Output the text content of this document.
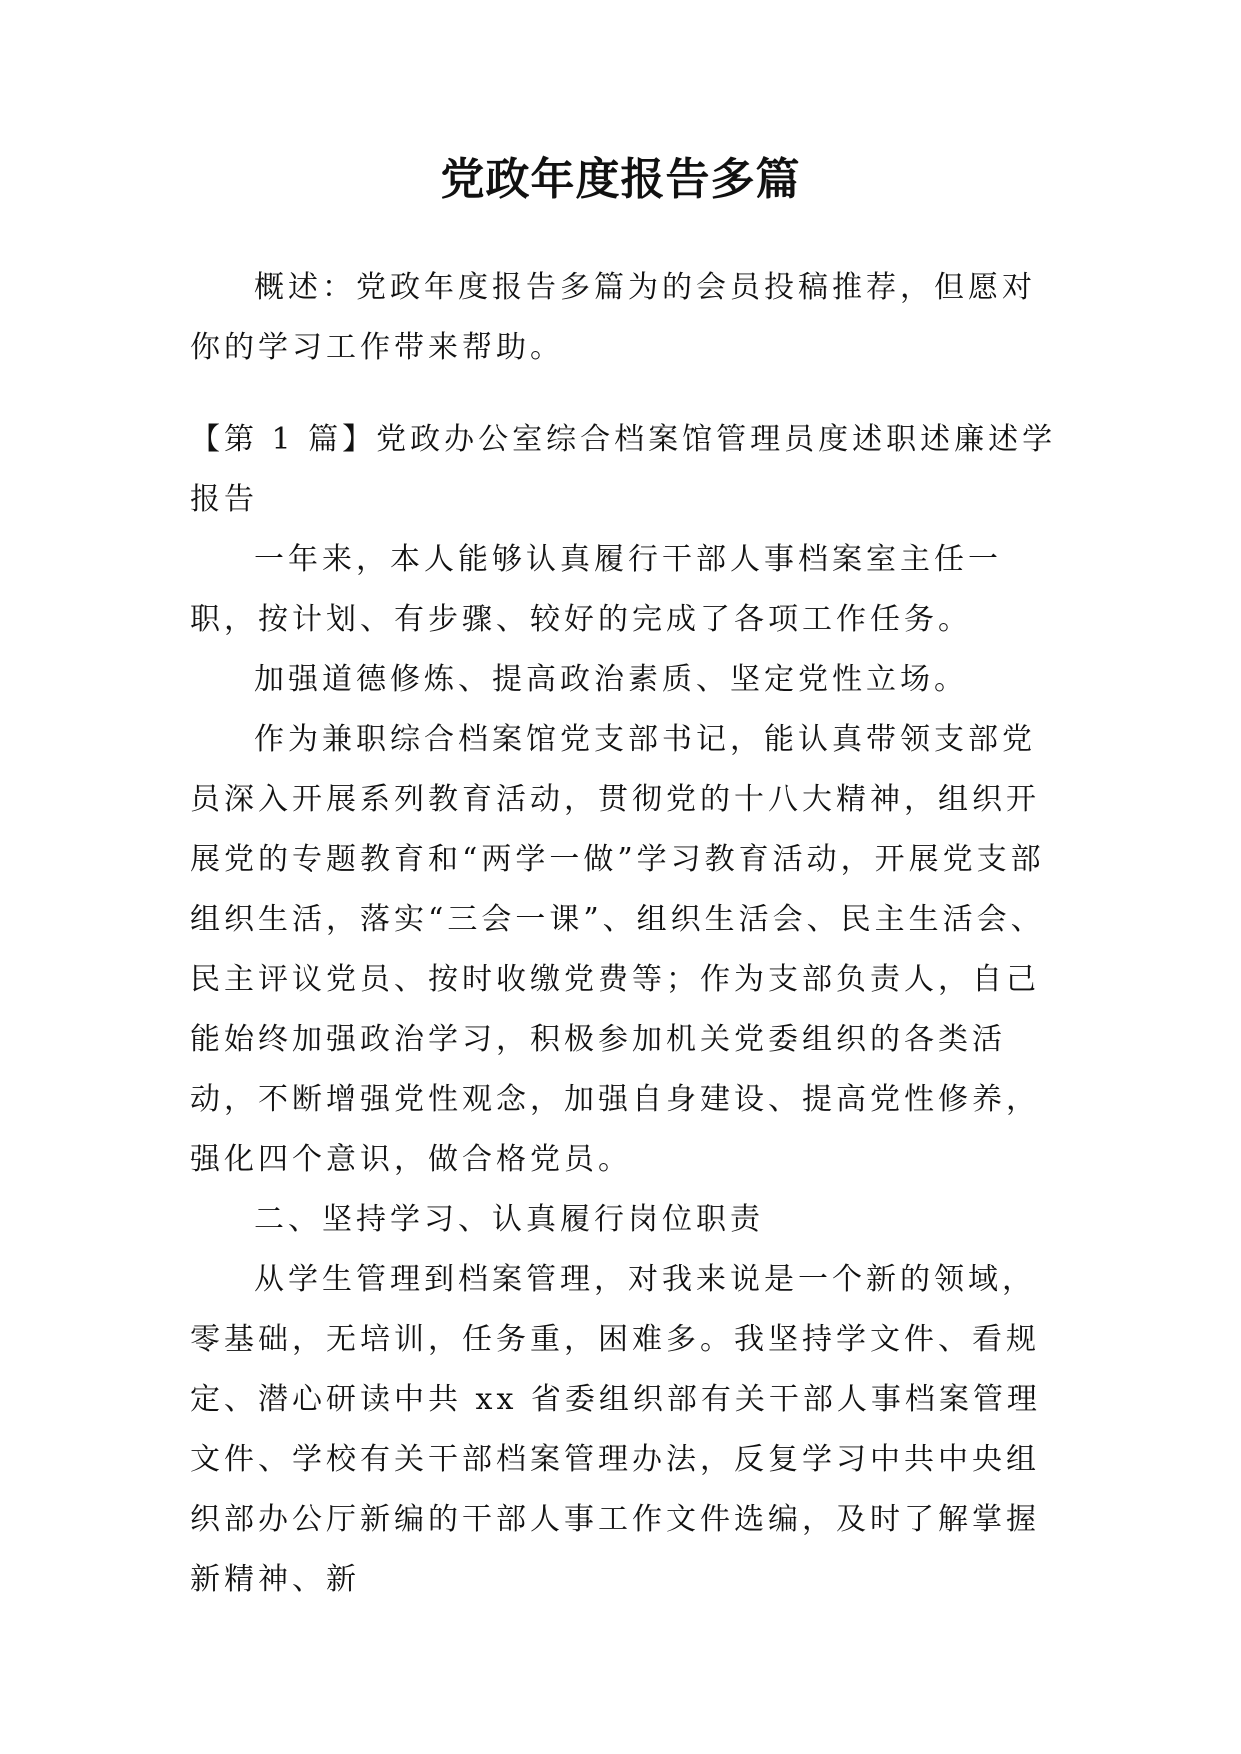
党政年度报告多篇

概述：党政年度报告多篇为的会员投稿推荐，但愿对你的学习工作带来帮助。

【第 1 篇】党政办公室综合档案馆管理员度述职述廉述学报告

一年来，本人能够认真履行干部人事档案室主任一职，按计划、有步骤、较好的完成了各项工作任务。

加强道德修炼、提高政治素质、坚定党性立场。

作为兼职综合档案馆党支部书记，能认真带领支部党员深入开展系列教育活动，贯彻党的十八大精神，组织开展党的专题教育和“两学一做”学习教育活动，开展党支部组织生活，落实“三会一课”、组织生活会、民主生活会、民主评议党员、按时收缴党费等；作为支部负责人，自己能始终加强政治学习，积极参加机关党委组织的各类活动，不断增强党性观念，加强自身建设、提高党性修养，强化四个意识，做合格党员。

二、坚持学习、认真履行岗位职责

从学生管理到档案管理，对我来说是一个新的领域，零基础，无培训，任务重，困难多。我坚持学文件、看规定、潜心研读中共 xx 省委组织部有关干部人事档案管理文件、学校有关干部档案管理办法，反复学习中共中央组织部办公厅新编的干部人事工作文件选编，及时了解掌握新精神、新
